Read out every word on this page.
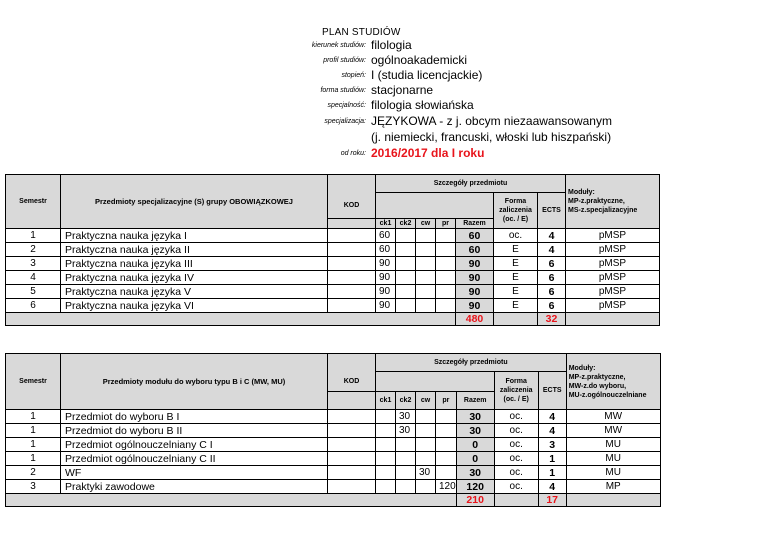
PLAN STUDIÓW
kierunek studiów: filologia
profil studiów: ogólnoakademicki
stopień: I (studia licencjackie)
forma studiów: stacjonarne
specjalność: filologia słowiańska
specjalizacja: JĘZYKOWA - z j. obcym niezaawansowanym
(j. niemiecki, francuski, włoski lub hiszpański)
od roku: 2016/2017 dla I roku
Semestr	Przedmioty specjalizacyjne (S) grupy OBOWIĄZKOWEJ		Szczegóły przedmiotu							Moduły:
MP-z.praktyczne,
MS-z.specjalizacyjne

		KOD						Forma zaliczenia (oc. / E)	ECTS	
			ck1	ck2	cw	pr	Razem			
1	Praktyczna nauka języka I		60				60	oc.	4	pMSP
2	Praktyczna nauka języka II		60				60	E	4	pMSP
3	Praktyczna nauka języka III		90				90	E	6	pMSP
4	Praktyczna nauka języka IV		90				90	E	6	pMSP
5	Praktyczna nauka języka V		90				90	E	6	pMSP
6	Praktyczna nauka języka VI		90				90	E	6	pMSP
							480		32	
Semestr	Przedmioty modułu do wyboru typu B i C (MW, MU)		Szczegóły przedmiotu							Moduły:
MP-z.praktyczne,
MW-z.do wyboru,
MU-z.ogólnouczelniane

		KOD						Forma zaliczenia (oc. / E)	ECTS	
			ck1	ck2	cw	pr	Razem			
1	Przedmiot do wyboru B I			30			30	oc.	4	MW
1	Przedmiot do wyboru B II			30			30	oc.	4	MW
1	Przedmiot ogólnouczelniany C I						0	oc.	3	MU
1	Przedmiot ogólnouczelniany C II						0	oc.	1	MU
2	WF				30		30	oc.	1	MU
3	Praktyki zawodowe					120	120	oc.	4	MP
							210		17	
